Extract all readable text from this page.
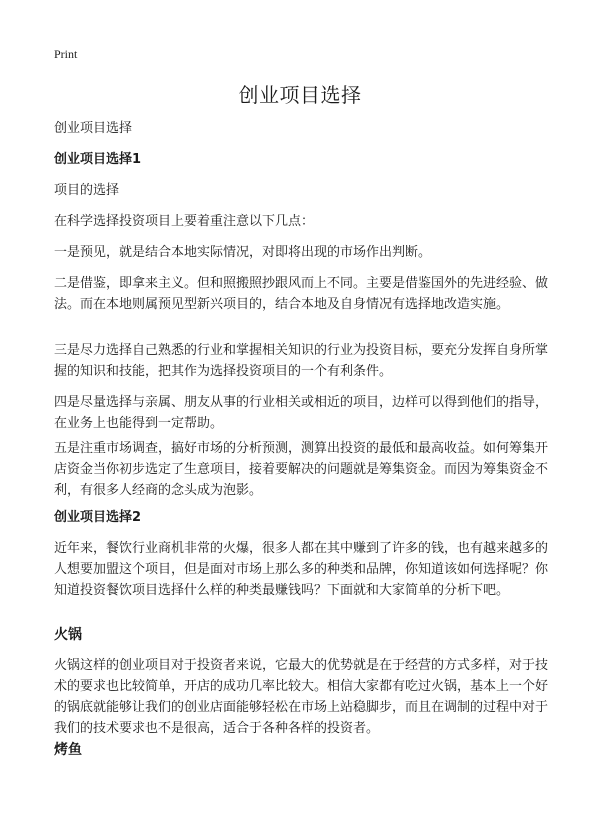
Print
创业项目选择

创业项目选择

创业项目选择1

项目的选择

在科学选择投资项目上要着重注意以下几点：

一是预见，就是结合本地实际情况，对即将出现的市场作出判断。

二是借鉴，即拿来主义。但和照搬照抄跟风而上不同。主要是借鉴国外的先进经验、做法。而在本地则属预见型新兴项目的，结合本地及自身情况有选择地改造实施。

三是尽力选择自己熟悉的行业和掌握相关知识的行业为投资目标，要充分发挥自身所掌握的知识和技能，把其作为选择投资项目的一个有利条件。

四是尽量选择与亲属、朋友从事的行业相关或相近的项目，边样可以得到他们的指导，在业务上也能得到一定帮助。

五是注重市场调查，搞好市场的分析预测，测算出投资的最低和最高收益。如何筹集开店资金当你初步选定了生意项目，接着要解决的问题就是筹集资金。而因为筹集资金不利，有很多人经商的念头成为泡影。

创业项目选择2

近年来，餐饮行业商机非常的火爆，很多人都在其中赚到了许多的钱，也有越来越多的人想要加盟这个项目，但是面对市场上那么多的种类和品牌，你知道该如何选择呢？你知道投资餐饮项目选择什么样的种类最赚钱吗？下面就和大家简单的分析下吧。

火锅

火锅这样的创业项目对于投资者来说，它最大的优势就是在于经营的方式多样，对于技术的要求也比较简单，开店的成功几率比较大。相信大家都有吃过火锅，基本上一个好的锅底就能够让我们的创业店面能够轻松在市场上站稳脚步，而且在调制的过程中对于我们的技术要求也不是很高，适合于各种各样的投资者。

烤鱼
